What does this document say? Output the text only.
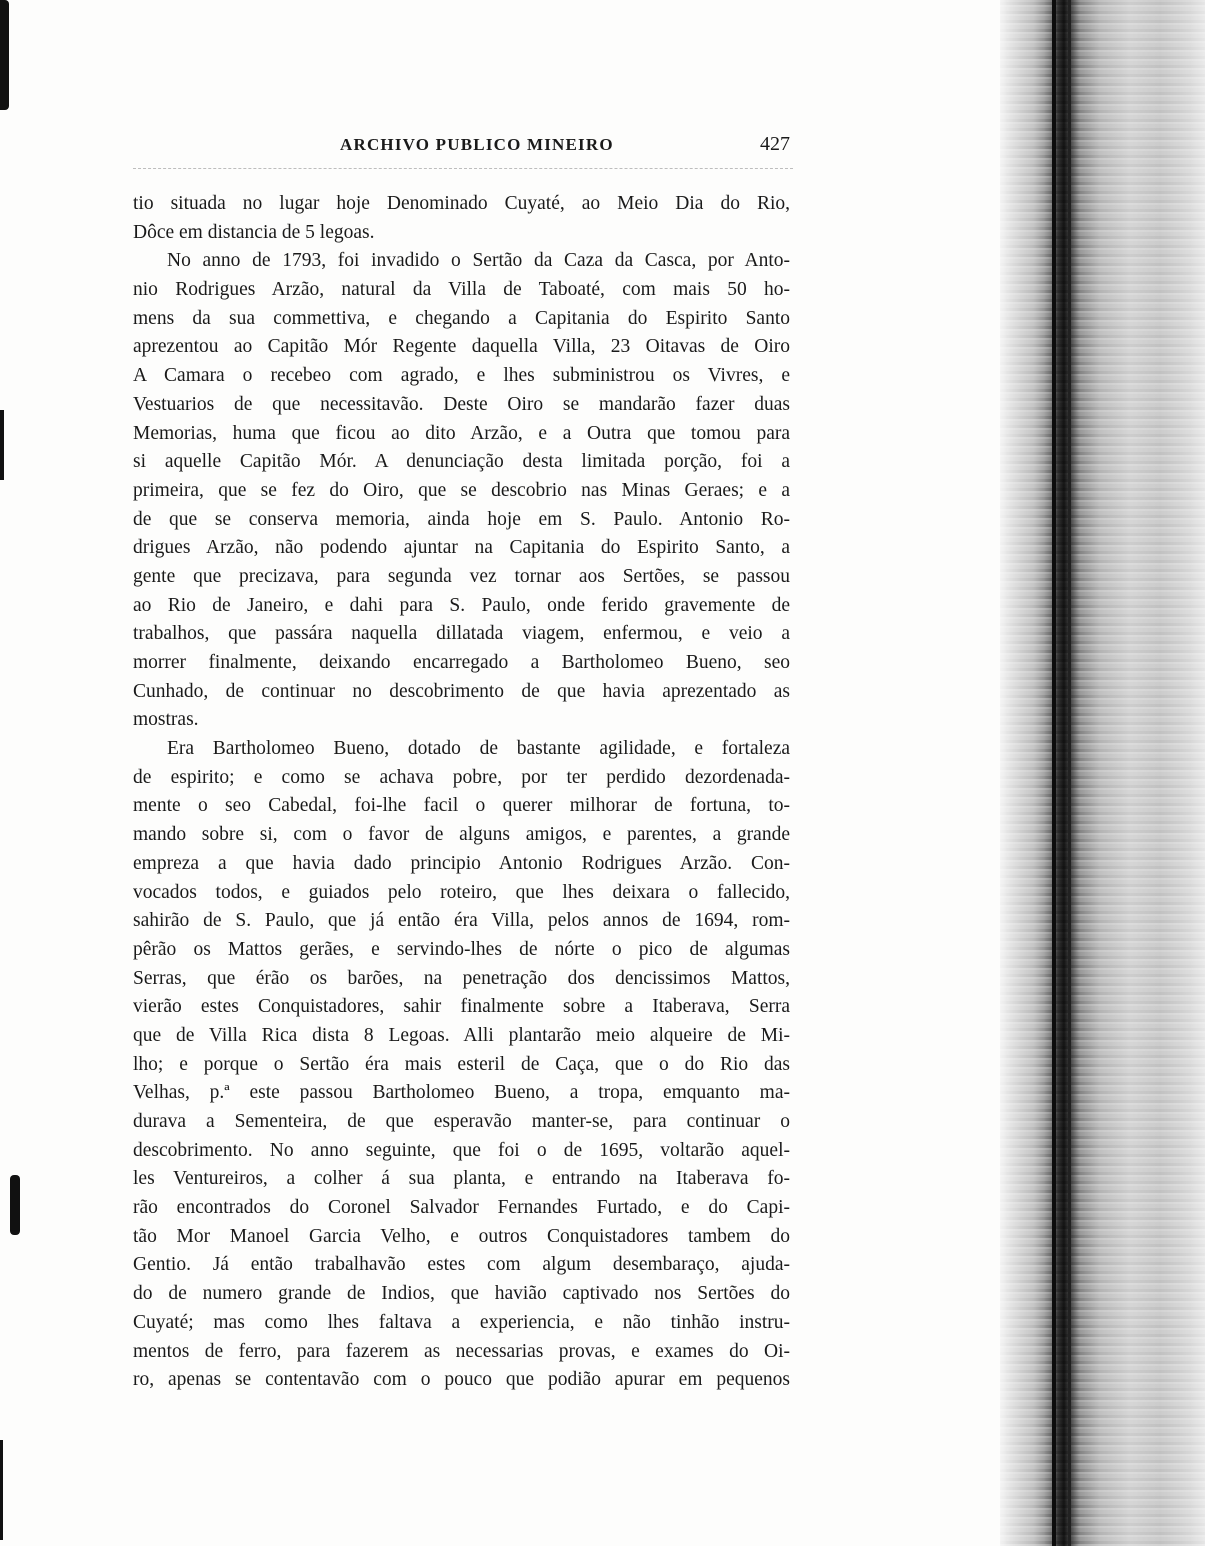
ARCHIVO PUBLICO MINEIRO	427
tio situada no lugar hoje Denominado Cuyaté, ao Meio Dia do Rio,
Dôce em distancia de 5 legoas.
No anno de 1793, foi invadido o Sertão da Caza da Casca, por Anto-
nio Rodrigues Arzão, natural da Villa de Taboaté, com mais 50 ho-
mens da sua commettiva, e chegando a Capitania do Espirito Santo
aprezentou ao Capitão Mór Regente daquella Villa, 23 Oitavas de Oiro
A Camara o recebeo com agrado, e lhes subministrou os Vivres, e
Vestuarios de que necessitavão. Deste Oiro se mandarão fazer duas
Memorias, huma que ficou ao dito Arzão, e a Outra que tomou para
si aquelle Capitão Mór. A denunciação desta limitada porção, foi a
primeira, que se fez do Oiro, que se descobrio nas Minas Geraes; e a
de que se conserva memoria, ainda hoje em S. Paulo. Antonio Ro-
drigues Arzão, não podendo ajuntar na Capitania do Espirito Santo, a
gente que precizava, para segunda vez tornar aos Sertões, se passou
ao Rio de Janeiro, e dahi para S. Paulo, onde ferido gravemente de
trabalhos, que passára naquella dillatada viagem, enfermou, e veio a
morrer finalmente, deixando encarregado a Bartholomeo Bueno, seo
Cunhado, de continuar no descobrimento de que havia aprezentado as
mostras.
Era Bartholomeo Bueno, dotado de bastante agilidade, e fortaleza
de espirito; e como se achava pobre, por ter perdido dezordenada-
mente o seo Cabedal, foi-lhe facil o querer milhorar de fortuna, to-
mando sobre si, com o favor de alguns amigos, e parentes, a grande
empreza a que havia dado principio Antonio Rodrigues Arzão. Con-
vocados todos, e guiados pelo roteiro, que lhes deixara o fallecido,
sahirão de S. Paulo, que já então éra Villa, pelos annos de 1694, rom-
pêrão os Mattos gerães, e servindo-lhes de nórte o pico de algumas
Serras, que érão os barões, na penetração dos dencissimos Mattos,
vierão estes Conquistadores, sahir finalmente sobre a Itaberava, Serra
que de Villa Rica dista 8 Legoas. Alli plantarão meio alqueire de Mi-
lho; e porque o Sertão éra mais esteril de Caça, que o do Rio das
Velhas, p.ª este passou Bartholomeo Bueno, a tropa, emquanto ma-
durava a Sementeira, de que esperavão manter-se, para continuar o
descobrimento. No anno seguinte, que foi o de 1695, voltarão aquel-
les Ventureiros, a colher á sua planta, e entrando na Itaberava fo-
rão encontrados do Coronel Salvador Fernandes Furtado, e do Capi-
tão Mor Manoel Garcia Velho, e outros Conquistadores tambem do
Gentio. Já então trabalhavão estes com algum desembaraço, ajuda-
do de numero grande de Indios, que havião captivado nos Sertões do
Cuyaté; mas como lhes faltava a experiencia, e não tinhão instru-
mentos de ferro, para fazerem as necessarias provas, e exames do Oi-
ro, apenas se contentavão com o pouco que podião apurar em pequenos
